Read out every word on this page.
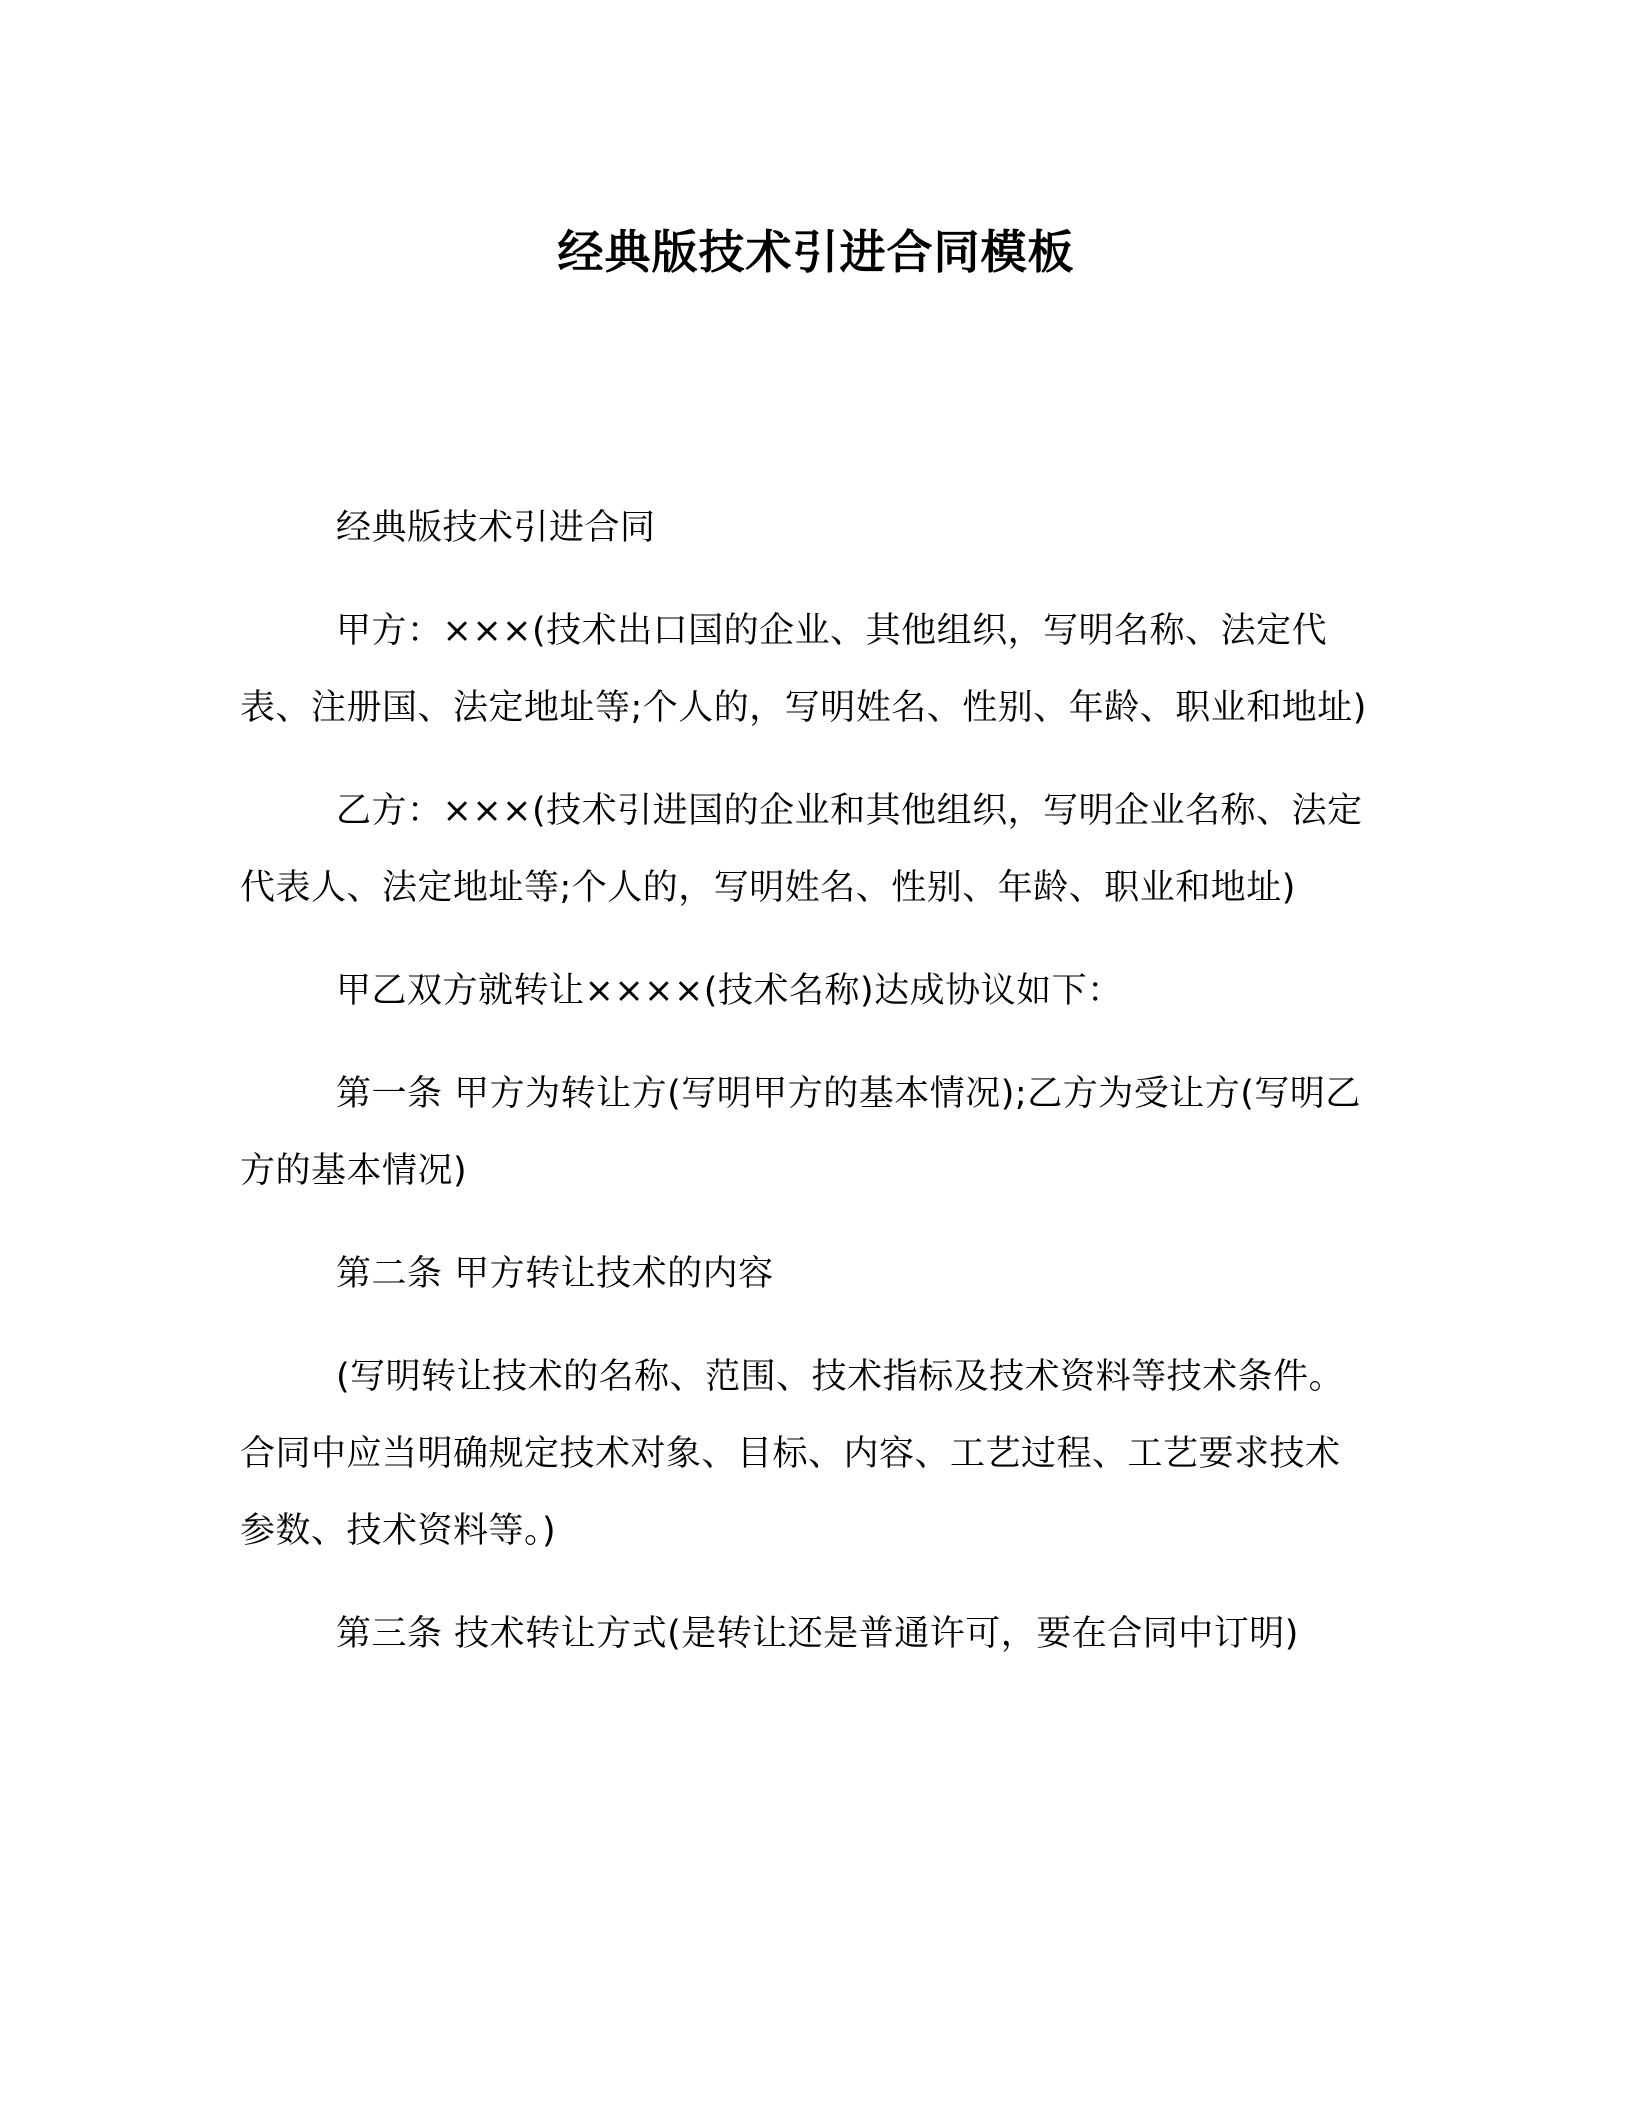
经典版技术引进合同模板

经典版技术引进合同

甲方：×××(技术出口国的企业、其他组织，写明名称、法定代表、注册国、法定地址等;个人的，写明姓名、性别、年龄、职业和地址)

乙方：×××(技术引进国的企业和其他组织，写明企业名称、法定代表人、法定地址等;个人的，写明姓名、性别、年龄、职业和地址)

甲乙双方就转让××××(技术名称)达成协议如下：

第一条 甲方为转让方(写明甲方的基本情况);乙方为受让方(写明乙方的基本情况)

第二条 甲方转让技术的内容

(写明转让技术的名称、范围、技术指标及技术资料等技术条件。合同中应当明确规定技术对象、目标、内容、工艺过程、工艺要求技术参数、技术资料等。)

第三条 技术转让方式(是转让还是普通许可，要在合同中订明)
